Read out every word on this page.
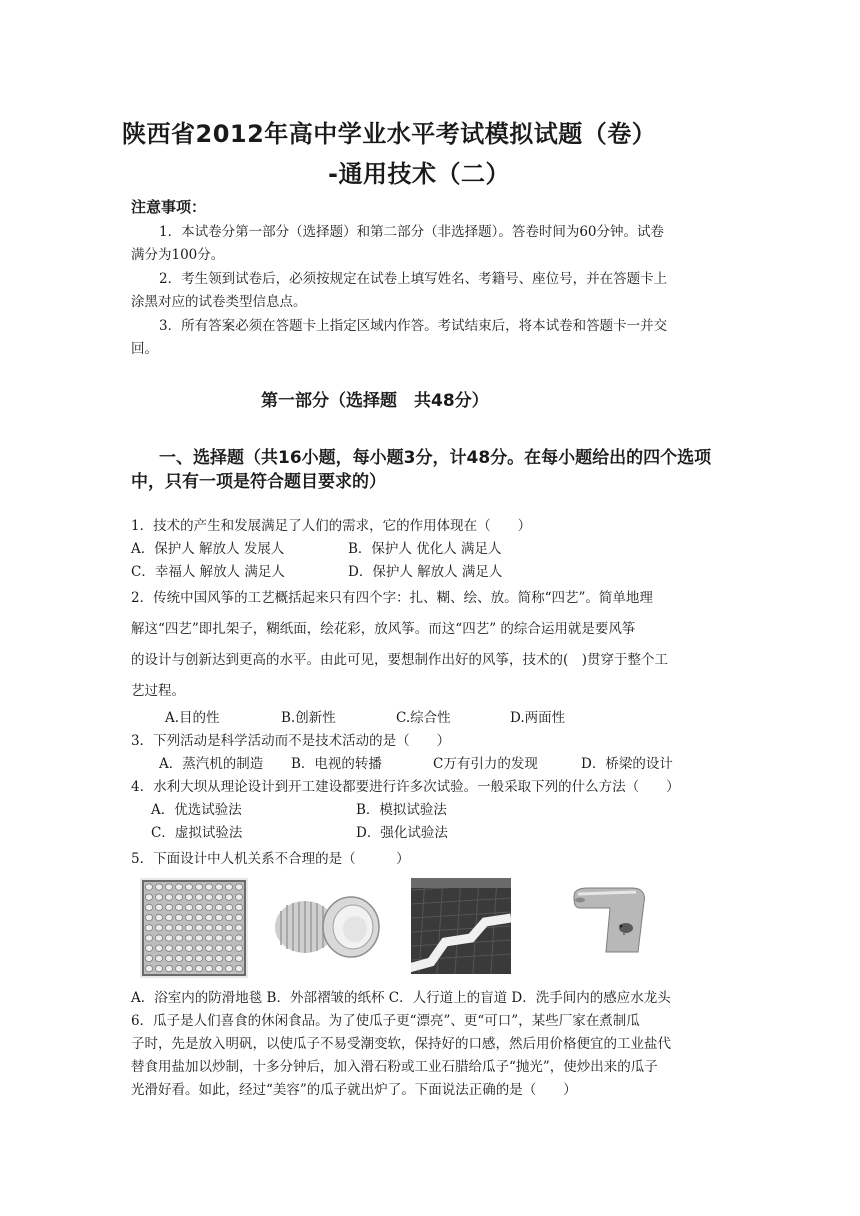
陕西省2012年高中学业水平考试模拟试题（卷）
-通用技术（二）
注意事项：
1．本试卷分第一部分（选择题）和第二部分（非选择题）。答卷时间为60分钟。试卷
满分为100分。
2．考生领到试卷后，必须按规定在试卷上填写姓名、考籍号、座位号，并在答题卡上
涂黑对应的试卷类型信息点。
3．所有答案必须在答题卡上指定区域内作答。考试结束后，将本试卷和答题卡一并交
回。
第一部分（选择题　共48分）
一、选择题（共16小题，每小题3分，计48分。在每小题给出的四个选项
中，只有一项是符合题目要求的）
1．技术的产生和发展满足了人们的需求，它的作用体现在（　　）
A．保护人 解放人 发展人	B．保护人 优化人 满足人
C．幸福人 解放人 满足人	D．保护人 解放人 满足人
2．传统中国风筝的工艺概括起来只有四个字：扎、糊、绘、放。简称“四艺”。简单地理
解这“四艺”即扎架子，糊纸面，绘花彩，放风筝。而这“四艺” 的综合运用就是要风筝
的设计与创新达到更高的水平。由此可见，要想制作出好的风筝，技术的(　)贯穿于整个工
艺过程。
A.目的性	B.创新性	C.综合性	D.两面性
3．下列活动是科学活动而不是技术活动的是（　　）
A．蒸汽机的制造 B．电视的转播	C万有引力的发现	D．桥梁的设计
4．水利大坝从理论设计到开工建设都要进行许多次试验。一般采取下列的什么方法（　　）
A．优选试验法	B．模拟试验法
C．虚拟试验法	D．强化试验法
5．下面设计中人机关系不合理的是（　　　）
A．浴室内的防滑地毯 B．外部褶皱的纸杯 C．人行道上的盲道 D．洗手间内的感应水龙头
6．瓜子是人们喜食的休闲食品。为了使瓜子更“漂亮”、更“可口”，某些厂家在煮制瓜
子时，先是放入明矾，以使瓜子不易受潮变软，保持好的口感，然后用价格便宜的工业盐代
替食用盐加以炒制，十多分钟后，加入滑石粉或工业石腊给瓜子“抛光”，使炒出来的瓜子
光滑好看。如此，经过“美容”的瓜子就出炉了。下面说法正确的是（　　）
